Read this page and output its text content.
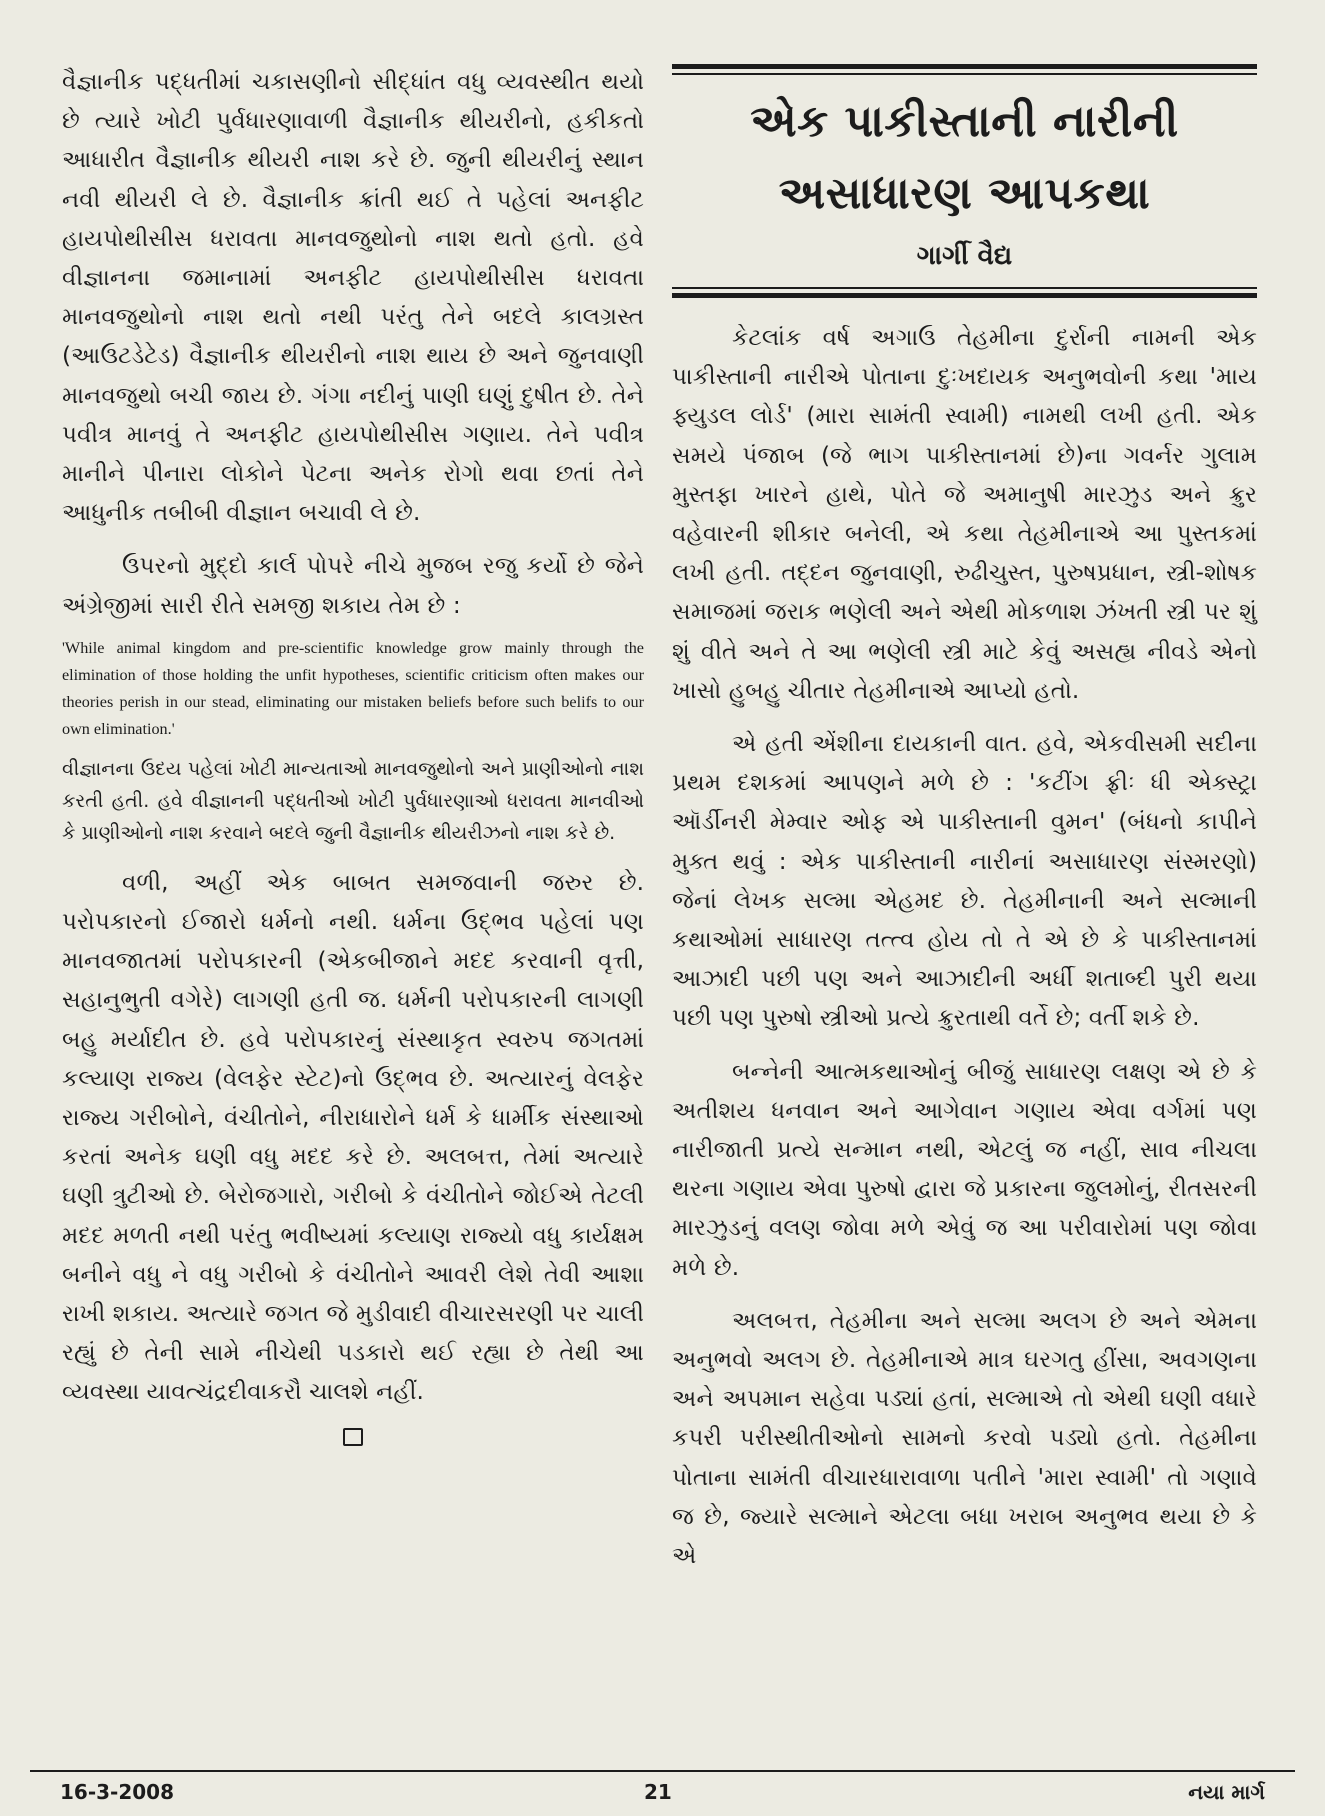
વૈજ્ઞાનીક પદ્ધતીમાં ચકાસણીનો સીદ્ધાંત વધુ વ્યવસ્થીત થયો છે ત્યારે ખોટી પુર્વધારણાવાળી વૈજ્ઞાનીક થીયરીનો, હકીકતો આધારીત વૈજ્ઞાનીક થીયરી નાશ કરે છે. જુની થીયરીનું સ્થાન નવી થીયરી લે છે. વૈજ્ઞાનીક ક્રાંતી થઈ તે પહેલાં અનફીટ હાયપોથીસીસ ધરાવતા માનવજુથોનો નાશ થતો હતો. હવે વીજ્ઞાનના જમાનામાં અનફીટ હાયપોથીસીસ ધરાવતા માનવજુથોનો નાશ થતો નથી પરંતુ તેને બદલે કાલગ્રસ્ત (આઉટડેટેડ) વૈજ્ઞાનીક થીયરીનો નાશ થાય છે અને જુનવાણી માનવજુથો બચી જાય છે. ગંગા નદીનું પાણી ઘણું દુષીત છે. તેને પવીત્ર માનવું તે અનફીટ હાયપોથીસીસ ગણાય. તેને પવીત્ર માનીને પીનારા લોકોને પેટના અનેક રોગો થવા છતાં તેને આધુનીક તબીબી વીજ્ઞાન બચાવી લે છે.

ઉપરનો મુદ્દો કાર્લ પોપરે નીચે મુજબ રજુ કર્યો છે જેને અંગ્રેજીમાં સારી રીતે સમજી શકાય તેમ છે :

'While animal kingdom and pre-scientific knowledge grow mainly through the elimination of those holding the unfit hypotheses, scientific criticism often makes our theories perish in our stead, eliminating our mistaken beliefs before such belifs to our own elimination.'

વીજ્ઞાનના ઉદય પહેલાં ખોટી માન્યતાઓ માનવજુથોનો અને પ્રાણીઓનો નાશ કરતી હતી. હવે વીજ્ઞાનની પદ્ધતીઓ ખોટી પુર્વધારણાઓ ધરાવતા માનવીઓ કે પ્રાણીઓનો નાશ કરવાને બદલે જુની વૈજ્ઞાનીક થીયરીઝનો નાશ કરે છે.

વળી, અહીં એક બાબત સમજવાની જરુર છે. પરોપકારનો ઈજારો ધર્મનો નથી. ધર્મના ઉદ્ભવ પહેલાં પણ માનવજાતમાં પરોપકારની (એકબીજાને મદદ કરવાની વૃત્તી, સહાનુભુતી વગેરે) લાગણી હતી જ. ધર્મની પરોપકારની લાગણી બહુ મર્યાદીત છે. હવે પરોપકારનું સંસ્થાકૃત સ્વરુપ જગતમાં કલ્યાણ રાજ્ય (વેલફેર સ્ટેટ)નો ઉદ્ભવ છે. અત્યારનું વેલફેર રાજ્ય ગરીબોને, વંચીતોને, નીરાધારોને ધર્મ કે ધાર્મીક સંસ્થાઓ કરતાં અનેક ઘણી વધુ મદદ કરે છે. અલબત્ત, તેમાં અત્યારે ઘણી ત્રુટીઓ છે. બેરોજગારો, ગરીબો કે વંચીતોને જોઈએ તેટલી મદદ મળતી નથી પરંતુ ભવીષ્યમાં કલ્યાણ રાજ્યો વધુ કાર્યક્ષમ બનીને વધુ ને વધુ ગરીબો કે વંચીતોને આવરી લેશે તેવી આશા રાખી શકાય. અત્યારે જગત જે મુડીવાદી વીચારસરણી પર ચાલી રહ્યું છે તેની સામે નીચેથી પડકારો થઈ રહ્યા છે તેથી આ વ્યવસ્થા યાવત્ચંદ્રદીવાકરૌ ચાલશે નહીં.

એક પાકીસ્તાની નારીની
અસાધારણ આપકથા
ગાર્ગી વૈદ્ય

કેટલાંક વર્ષ અગાઉ તેહમીના દુર્રાની નામની એક પાકીસ્તાની નારીએ પોતાના દુઃખદાયક અનુભવોની કથા 'માય ફ્યુડલ લોર્ડ' (મારા સામંતી સ્વામી) નામથી લખી હતી. એક સમયે પંજાબ (જે ભાગ પાકીસ્તાનમાં છે)ના ગવર્નર ગુલામ મુસ્તફા ખારને હાથે, પોતે જે અમાનુષી મારઝુડ અને ક્રુર વહેવારની શીકાર બનેલી, એ કથા તેહમીનાએ આ પુસ્તકમાં લખી હતી. તદ્દન જુનવાણી, રુઢીચુસ્ત, પુરુષપ્રધાન, સ્ત્રી-શોષક સમાજમાં જરાક ભણેલી અને એથી મોકળાશ ઝંખતી સ્ત્રી પર શું શું વીતે અને તે આ ભણેલી સ્ત્રી માટે કેવું અસહ્ય નીવડે એનો ખાસો હુબહુ ચીતાર તેહમીનાએ આપ્યો હતો.

એ હતી એંશીના દાયકાની વાત. હવે, એકવીસમી સદીના પ્રથમ દશકમાં આપણને મળે છે : 'કટીંગ ફ્રીઃ ધી એક્સ્ટ્રા ઑર્ડીનરી મેમ્વાર ઓફ એ પાકીસ્તાની વુમન' (બંધનો કાપીને મુક્ત થવું : એક પાકીસ્તાની નારીનાં અસાધારણ સંસ્મરણો) જેનાં લેખક સલ્મા એહમદ છે. તેહમીનાની અને સલ્માની કથાઓમાં સાધારણ તત્ત્વ હોય તો તે એ છે કે પાકીસ્તાનમાં આઝાદી પછી પણ અને આઝાદીની અર્ધી શતાબ્દી પુરી થયા પછી પણ પુરુષો સ્ત્રીઓ પ્રત્યે ક્રુરતાથી વર્તે છે; વર્તી શકે છે.

બન્નેની આત્મકથાઓનું બીજું સાધારણ લક્ષણ એ છે કે અતીશય ધનવાન અને આગેવાન ગણાય એવા વર્ગમાં પણ નારીજાતી પ્રત્યે સન્માન નથી, એટલું જ નહીં, સાવ નીચલા થરના ગણાય એવા પુરુષો દ્વારા જે પ્રકારના જુલમોનું, રીતસરની મારઝુડનું વલણ જોવા મળે એવું જ આ પરીવારોમાં પણ જોવા મળે છે.

અલબત્ત, તેહમીના અને સલ્મા અલગ છે અને એમના અનુભવો અલગ છે. તેહમીનાએ માત્ર ઘરગતુ હીંસા, અવગણના અને અપમાન સહેવા પડ્યાં હતાં, સલ્માએ તો એથી ઘણી વધારે કપરી પરીસ્થીતીઓનો સામનો કરવો પડ્યો હતો. તેહમીના પોતાના સામંતી વીચારધારાવાળા પતીને 'મારા સ્વામી' તો ગણાવે જ છે, જ્યારે સલ્માને એટલા બધા ખરાબ અનુભવ થયા છે કે એ

16-3-2008	21	નયા માર્ગ
